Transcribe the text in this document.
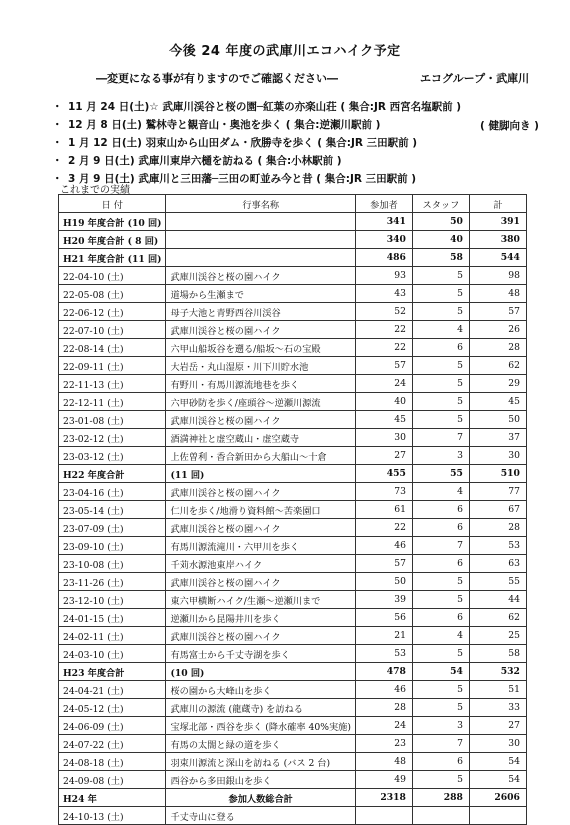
今後 24 年度の武庫川エコハイク予定
―変更になる事が有りますのでご確認ください―	エコグループ・武庫川
・ 11 月 24 日(土)☆ 武庫川渓谷と桜の園─紅葉の亦楽山荘 ( 集合:JR 西宮名塩駅前 )
・ 12 月 8 日(土) 鷲林寺と観音山・奥池を歩く ( 集合:逆瀬川駅前 )
・ 1 月 12 日(土) 羽束山から山田ダム・欣勝寺を歩く ( 集合:JR 三田駅前 )
・ 2 月 9 日(土) 武庫川東岸六樋を訪ねる ( 集合:小林駅前 )
・ 3 月 9 日(土) 武庫川と三田藩─三田の町並み今と昔 ( 集合:JR 三田駅前 )
( 健脚向き )
これまでの実績
日 付	行事名称	参加者	スタッフ	計
H19 年度合計 (10 回)		341	50	391
H20 年度合計 ( 8 回)		340	40	380
H21 年度合計 (11 回)		486	58	544
22-04-10 (土)	武庫川渓谷と桜の園ハイク	93	5	98
22-05-08 (土)	道場から生瀬まで	43	5	48
22-06-12 (土)	母子大池と青野西谷川渓谷	52	5	57
22-07-10 (土)	武庫川渓谷と桜の園ハイク	22	4	26
22-08-14 (土)	六甲山船坂谷を遡る/船坂～石の宝殿	22	6	28
22-09-11 (土)	大岩岳・丸山湿原・川下川貯水池	57	5	62
22-11-13 (土)	有野川・有馬川源流地巷を歩く	24	5	29
22-12-11 (土)	六甲砂防を歩く/座頭谷～逆瀬川源流	40	5	45
23-01-08 (土)	武庫川渓谷と桜の園ハイク	45	5	50
23-02-12 (土)	酒満神社と虚空蔵山・虚空蔵寺	30	7	37
23-03-12 (土)	上佐曽利・香合新田から大船山～十倉	27	3	30
H22 年度合計	(11 回)	455	55	510
23-04-16 (土)	武庫川渓谷と桜の園ハイク	73	4	77
23-05-14 (土)	仁川を歩く/地滑り資料館～苦楽園口	61	6	67
23-07-09 (土)	武庫川渓谷と桜の園ハイク	22	6	28
23-09-10 (土)	有馬川源流滝川・六甲川を歩く	46	7	53
23-10-08 (土)	千苅水源池東岸ハイク	57	6	63
23-11-26 (土)	武庫川渓谷と桜の園ハイク	50	5	55
23-12-10 (土)	東六甲横断ハイク/生瀬～逆瀬川まで	39	5	44
24-01-15 (土)	逆瀬川から昆陽井川を歩く	56	6	62
24-02-11 (土)	武庫川渓谷と桜の園ハイク	21	4	25
24-03-10 (土)	有馬富士から千丈寺湖を歩く	53	5	58
H23 年度合計	(10 回)	478	54	532
24-04-21 (土)	桜の園から大峰山を歩く	46	5	51
24-05-12 (土)	武庫川の源流 (龍蔵寺) を訪ねる	28	5	33
24-06-09 (土)	宝塚北部・西谷を歩く (降水確率 40%実施)	24	3	27
24-07-22 (土)	有馬の太閤と緑の道を歩く	23	7	30
24-08-18 (土)	羽束川源流と深山を訪ねる (バス 2 台)	48	6	54
24-09-08 (土)	西谷から多田銀山を歩く	49	5	54
H24 年	参加人数総合計	2318	288	2606
24-10-13 (土)	千丈寺山に登る			
